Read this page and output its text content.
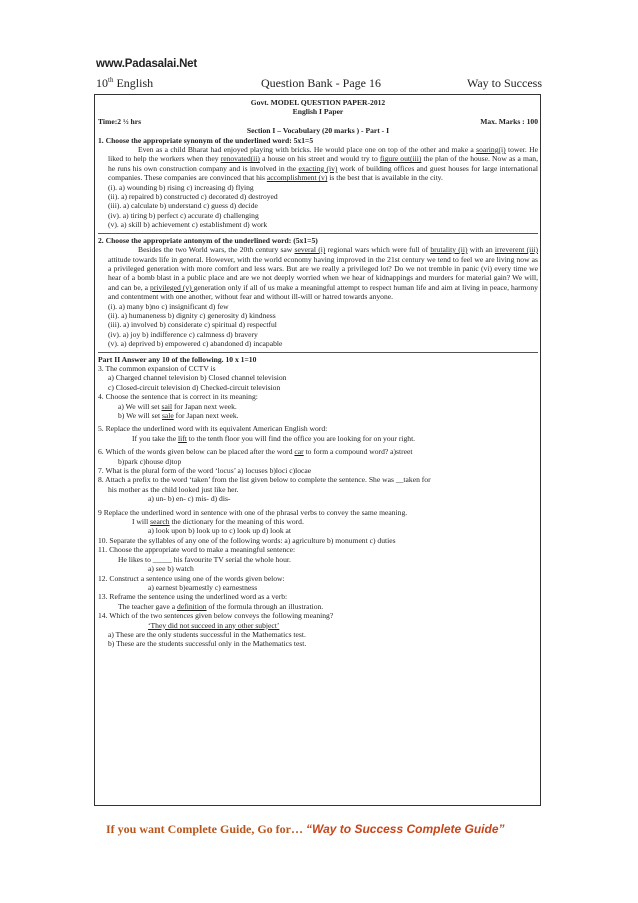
www.Padasalai.Net
10th English	Question Bank - Page 16	Way to Success
Govt. MODEL QUESTION PAPER-2012
English I Paper
Time:2 ½ hrs	Max. Marks : 100
Section I – Vocabulary (20 marks ) - Part - I
1. Choose the appropriate synonym of the underlined word: 5x1=5
Even as a child Bharat had enjoyed playing with bricks. He would place one on top of the other and make a soaring(i) tower. He liked to help the workers when they renovated(ii) a house on his street and would try to figure out(iii) the plan of the house. Now as a man, he runs his own construction company and is involved in the exacting (iv) work of building offices and guest houses for large international companies. These companies are convinced that his accomplishment (v) is the best that is available in the city.
(i). a) wounding b) rising c) increasing d) flying
(ii). a) repaired b) constructed c) decorated d) destroyed
(iii). a) calculate b) understand c) guess d) decide
(iv). a) tiring b) perfect c) accurate d) challenging
(v). a) skill b) achievement c) establishment d) work
2. Choose the appropriate antonym of the underlined word: (5x1=5)
Besides the two World wars, the 20th century saw several (i) regional wars which were full of brutality (ii) with an irreverent (iii) attitude towards life in general. However, with the world economy having improved in the 21st century we tend to feel we are living now as a privileged generation with more comfort and less wars. But are we really a privileged lot? Do we not tremble in panic (vi) every time we hear of a bomb blast in a public place and are we not deeply worried when we hear of kidnappings and murders for material gain? We will, and can be, a privileged (v) generation only if all of us make a meaningful attempt to respect human life and aim at living in peace, harmony and contentment with one another, without fear and without ill-will or hatred towards anyone.
(i). a) many b)no c) insignificant d) few
(ii). a) humaneness b) dignity c) generosity d) kindness
(iii). a) involved b) considerate c) spiritual d) respectful
(iv). a) joy b) indifference c) calmness d) bravery
(v). a) deprived b) empowered c) abandoned d) incapable
Part II Answer any 10 of the following. 10 x 1=10
3. The common expansion of CCTV is
a) Charged channel television b) Closed channel television
c) Closed-circuit television d) Checked-circuit television
4. Choose the sentence that is correct in its meaning:
a) We will set sail for Japan next week.
b) We will set sale for Japan next week.
5. Replace the underlined word with its equivalent American English word:
If you take the lift to the tenth floor you will find the office you are looking for on your right.
6. Which of the words given below can be placed after the word car to form a compound word? a)street
b)park c)house d)top
7. What is the plural form of the word ‘locus’ a) locuses b)loci c)locae
8. Attach a prefix to the word ‘taken’ from the list given below to complete the sentence. She was __taken for
his mother as the child looked just like her.
a) un- b) en- c) mis- d) dis-
9 Replace the underlined word in sentence with one of the phrasal verbs to convey the same meaning.
I will search the dictionary for the meaning of this word.
a) look upon b) look up to c) look up d) look at
10. Separate the syllables of any one of the following words: a) agriculture b) monument c) duties
11. Choose the appropriate word to make a meaningful sentence:
He likes to _____ his favourite TV serial the whole hour.
a) see b) watch
12. Construct a sentence using one of the words given below:
a) earnest b)earnestly c) earnestness
13. Reframe the sentence using the underlined word as a verb:
The teacher gave a definition of the formula through an illustration.
14. Which of the two sentences given below conveys the following meaning?
‘They did not succeed in any other subject’
a) These are the only students successful in the Mathematics test.
b) These are the students successful only in the Mathematics test.
If you want Complete Guide, Go for… “Way to Success Complete Guide”
